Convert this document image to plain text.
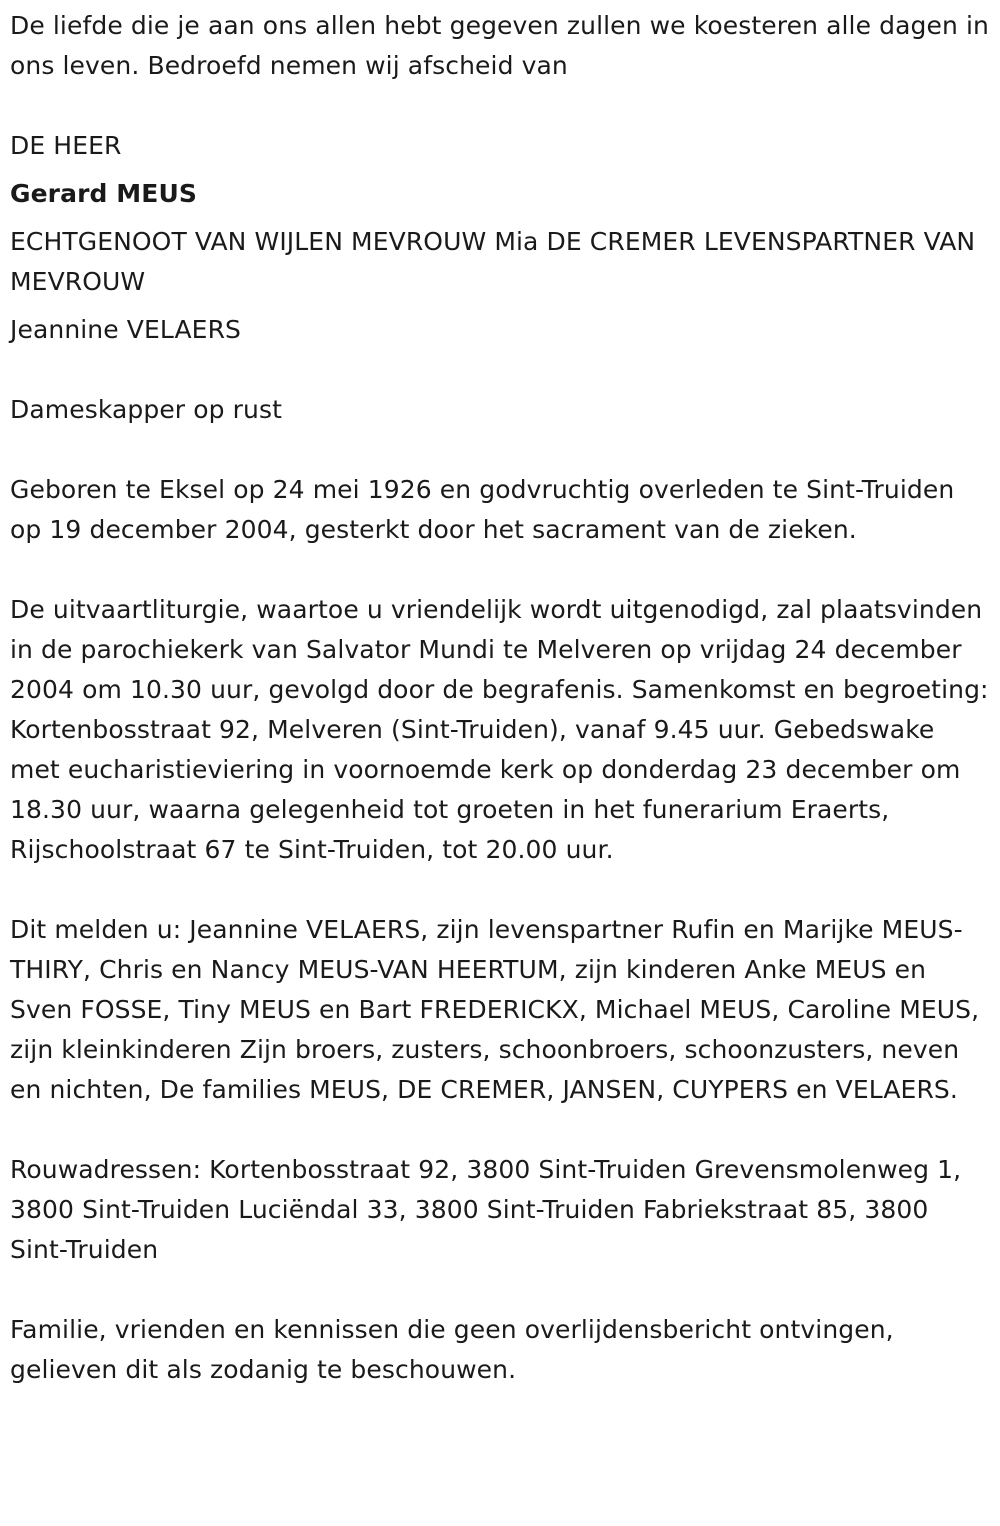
De liefde die je aan ons allen hebt gegeven zullen we koesteren alle dagen in ons leven. Bedroefd nemen wij afscheid van

DE HEER

Gerard MEUS

ECHTGENOOT VAN WIJLEN MEVROUW Mia DE CREMER LEVENSPARTNER VAN MEVROUW

Jeannine VELAERS

Dameskapper op rust

Geboren te Eksel op 24 mei 1926 en godvruchtig overleden te Sint-Truiden op 19 december 2004, gesterkt door het sacrament van de zieken.

De uitvaartliturgie, waartoe u vriendelijk wordt uitgenodigd, zal plaatsvinden in de parochiekerk van Salvator Mundi te Melveren op vrijdag 24 december 2004 om 10.30 uur, gevolgd door de begrafenis. Samenkomst en begroeting: Kortenbosstraat 92, Melveren (Sint-Truiden), vanaf 9.45 uur. Gebedswake met eucharistieviering in voornoemde kerk op donderdag 23 december om 18.30 uur, waarna gelegenheid tot groeten in het funerarium Eraerts, Rijschoolstraat 67 te Sint-Truiden, tot 20.00 uur.

Dit melden u: Jeannine VELAERS, zijn levenspartner Rufin en Marijke MEUS-THIRY, Chris en Nancy MEUS-VAN HEERTUM, zijn kinderen Anke MEUS en Sven FOSSE, Tiny MEUS en Bart FREDERICKX, Michael MEUS, Caroline MEUS, zijn kleinkinderen Zijn broers, zusters, schoonbroers, schoonzusters, neven en nichten, De families MEUS, DE CREMER, JANSEN, CUYPERS en VELAERS.

Rouwadressen: Kortenbosstraat 92, 3800 Sint-Truiden Grevensmolenweg 1, 3800 Sint-Truiden Luciëndal 33, 3800 Sint-Truiden Fabriekstraat 85, 3800 Sint-Truiden

Familie, vrienden en kennissen die geen overlijdensbericht ontvingen, gelieven dit als zodanig te beschouwen.
